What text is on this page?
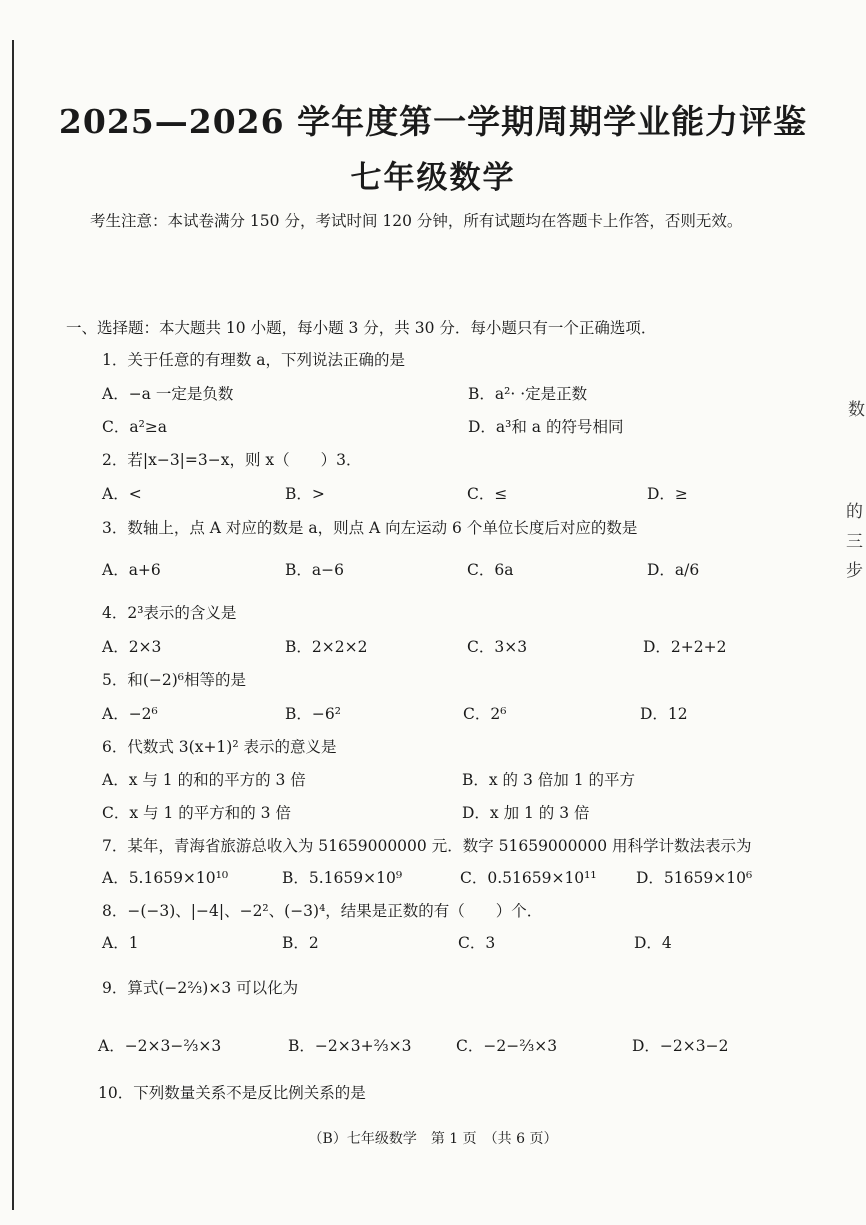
数
的
三
步
2025—2026 学年度第一学期周期学业能力评鉴
七年级数学
考生注意：本试卷满分 150 分，考试时间 120 分钟，所有试题均在答题卡上作答，否则无效。
一、选择题：本大题共 10 小题，每小题 3 分，共 30 分．每小题只有一个正确选项．
1．关于任意的有理数 a，下列说法正确的是
A．−a 一定是负数	B．a²· ·定是正数
C．a²≥a	D．a³和 a 的符号相同
2．若|x−3|=3−x，则 x（　　）3．
A．<	B．>	C．≤	D．≥
3．数轴上，点 A 对应的数是 a，则点 A 向左运动 6 个单位长度后对应的数是
A．a+6	B．a−6	C．6a	D．a/6
4．2³表示的含义是
A．2×3	B．2×2×2	C．3×3	D．2+2+2
5．和(−2)⁶相等的是
A．−2⁶	B．−6²	C．2⁶	D．12
6．代数式 3(x+1)² 表示的意义是
A．x 与 1 的和的平方的 3 倍	B．x 的 3 倍加 1 的平方
C．x 与 1 的平方和的 3 倍	D．x 加 1 的 3 倍
7．某年，青海省旅游总收入为 51659000000 元．数字 51659000000 用科学计数法表示为
A．5.1659×10¹⁰	B．5.1659×10⁹	C．0.51659×10¹¹	D．51659×10⁶
8．−(−3)、|−4|、−2²、(−3)⁴，结果是正数的有（　　）个．
A．1	B．2	C．3	D．4
9．算式(−2⅔)×3 可以化为
A．−2×3−⅔×3	B．−2×3+⅔×3	C．−2−⅔×3	D．−2×3−2
10．下列数量关系不是反比例关系的是
（B）七年级数学　第 1 页　（共 6 页）
